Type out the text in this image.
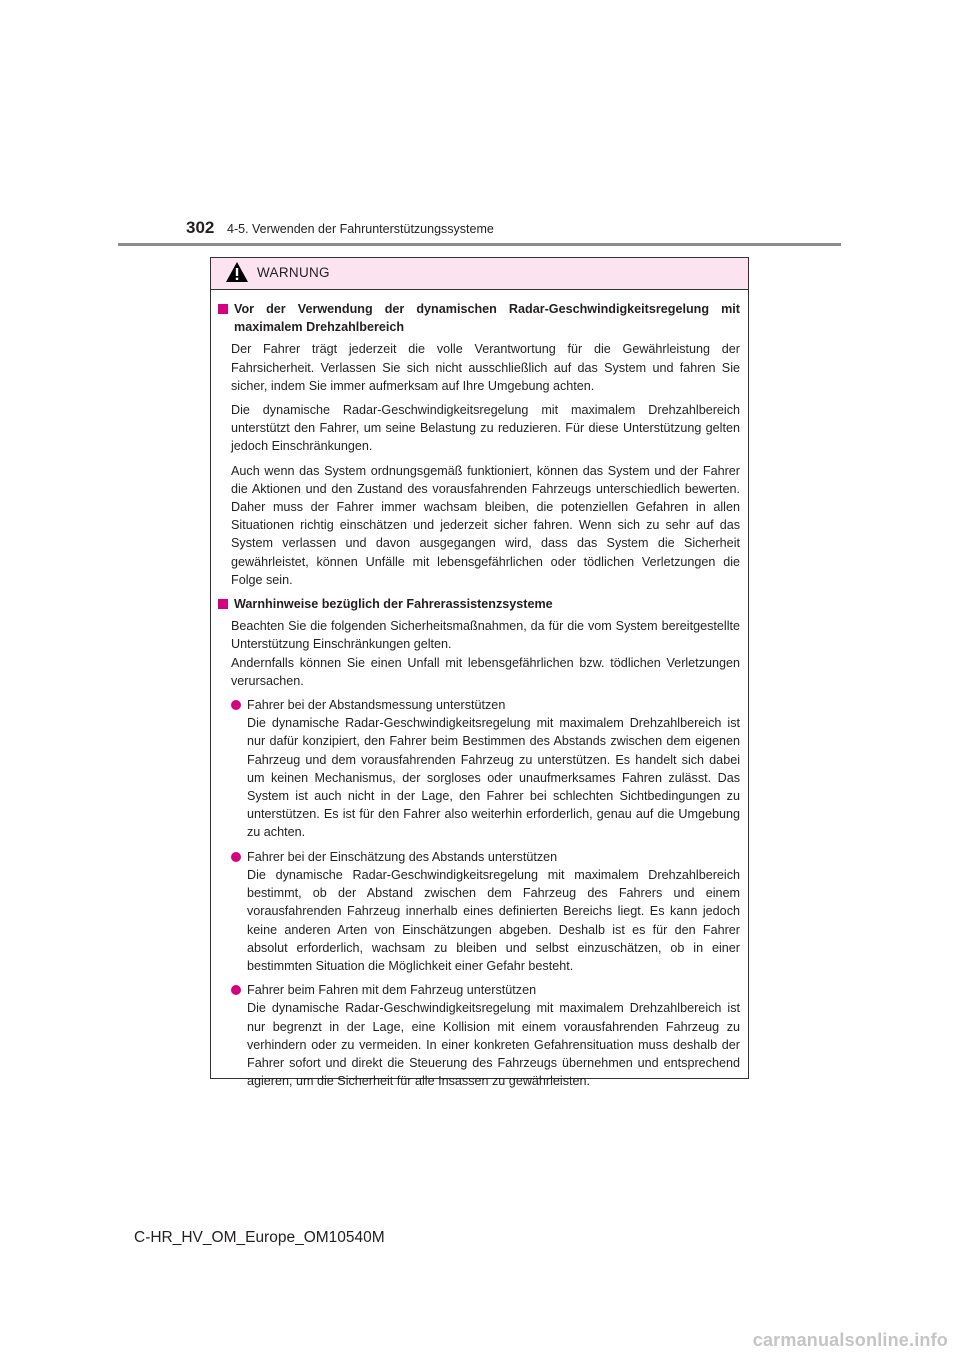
302 4-5. Verwenden der Fahrunterstützungssysteme
WARNUNG
Vor der Verwendung der dynamischen Radar-Geschwindigkeitsregelung mit maximalem Drehzahlbereich

Der Fahrer trägt jederzeit die volle Verantwortung für die Gewährleistung der Fahrsicherheit. Verlassen Sie sich nicht ausschließlich auf das System und fahren Sie sicher, indem Sie immer aufmerksam auf Ihre Umgebung achten.

Die dynamische Radar-Geschwindigkeitsregelung mit maximalem Drehzahlbereich unterstützt den Fahrer, um seine Belastung zu reduzieren. Für diese Unterstützung gelten jedoch Einschränkungen.

Auch wenn das System ordnungsgemäß funktioniert, können das System und der Fahrer die Aktionen und den Zustand des vorausfahrenden Fahrzeugs unterschiedlich bewerten. Daher muss der Fahrer immer wachsam bleiben, die potenziellen Gefahren in allen Situationen richtig einschätzen und jederzeit sicher fahren. Wenn sich zu sehr auf das System verlassen und davon ausgegangen wird, dass das System die Sicherheit gewährleistet, können Unfälle mit lebensgefährlichen oder tödlichen Verletzungen die Folge sein.

Warnhinweise bezüglich der Fahrerassistenzsysteme

Beachten Sie die folgenden Sicherheitsmaßnahmen, da für die vom System bereitgestellte Unterstützung Einschränkungen gelten.
Andernfalls können Sie einen Unfall mit lebensgefährlichen bzw. tödlichen Verletzungen verursachen.

Fahrer bei der Abstandsmessung unterstützen
Die dynamische Radar-Geschwindigkeitsregelung mit maximalem Drehzahlbereich ist nur dafür konzipiert, den Fahrer beim Bestimmen des Abstands zwischen dem eigenen Fahrzeug und dem vorausfahrenden Fahrzeug zu unterstützen. Es handelt sich dabei um keinen Mechanismus, der sorgloses oder unaufmerksames Fahren zulässt. Das System ist auch nicht in der Lage, den Fahrer bei schlechten Sichtbedingungen zu unterstützen. Es ist für den Fahrer also weiterhin erforderlich, genau auf die Umgebung zu achten.
Fahrer bei der Einschätzung des Abstands unterstützen
Die dynamische Radar-Geschwindigkeitsregelung mit maximalem Drehzahlbereich bestimmt, ob der Abstand zwischen dem Fahrzeug des Fahrers und einem vorausfahrenden Fahrzeug innerhalb eines definierten Bereichs liegt. Es kann jedoch keine anderen Arten von Einschätzungen abgeben. Deshalb ist es für den Fahrer absolut erforderlich, wachsam zu bleiben und selbst einzuschätzen, ob in einer bestimmten Situation die Möglichkeit einer Gefahr besteht.
Fahrer beim Fahren mit dem Fahrzeug unterstützen
Die dynamische Radar-Geschwindigkeitsregelung mit maximalem Drehzahlbereich ist nur begrenzt in der Lage, eine Kollision mit einem vorausfahrenden Fahrzeug zu verhindern oder zu vermeiden. In einer konkreten Gefahrensituation muss deshalb der Fahrer sofort und direkt die Steuerung des Fahrzeugs übernehmen und entsprechend agieren, um die Sicherheit für alle Insassen zu gewährleisten.
C-HR_HV_OM_Europe_OM10540M
carmanualsonline.info
